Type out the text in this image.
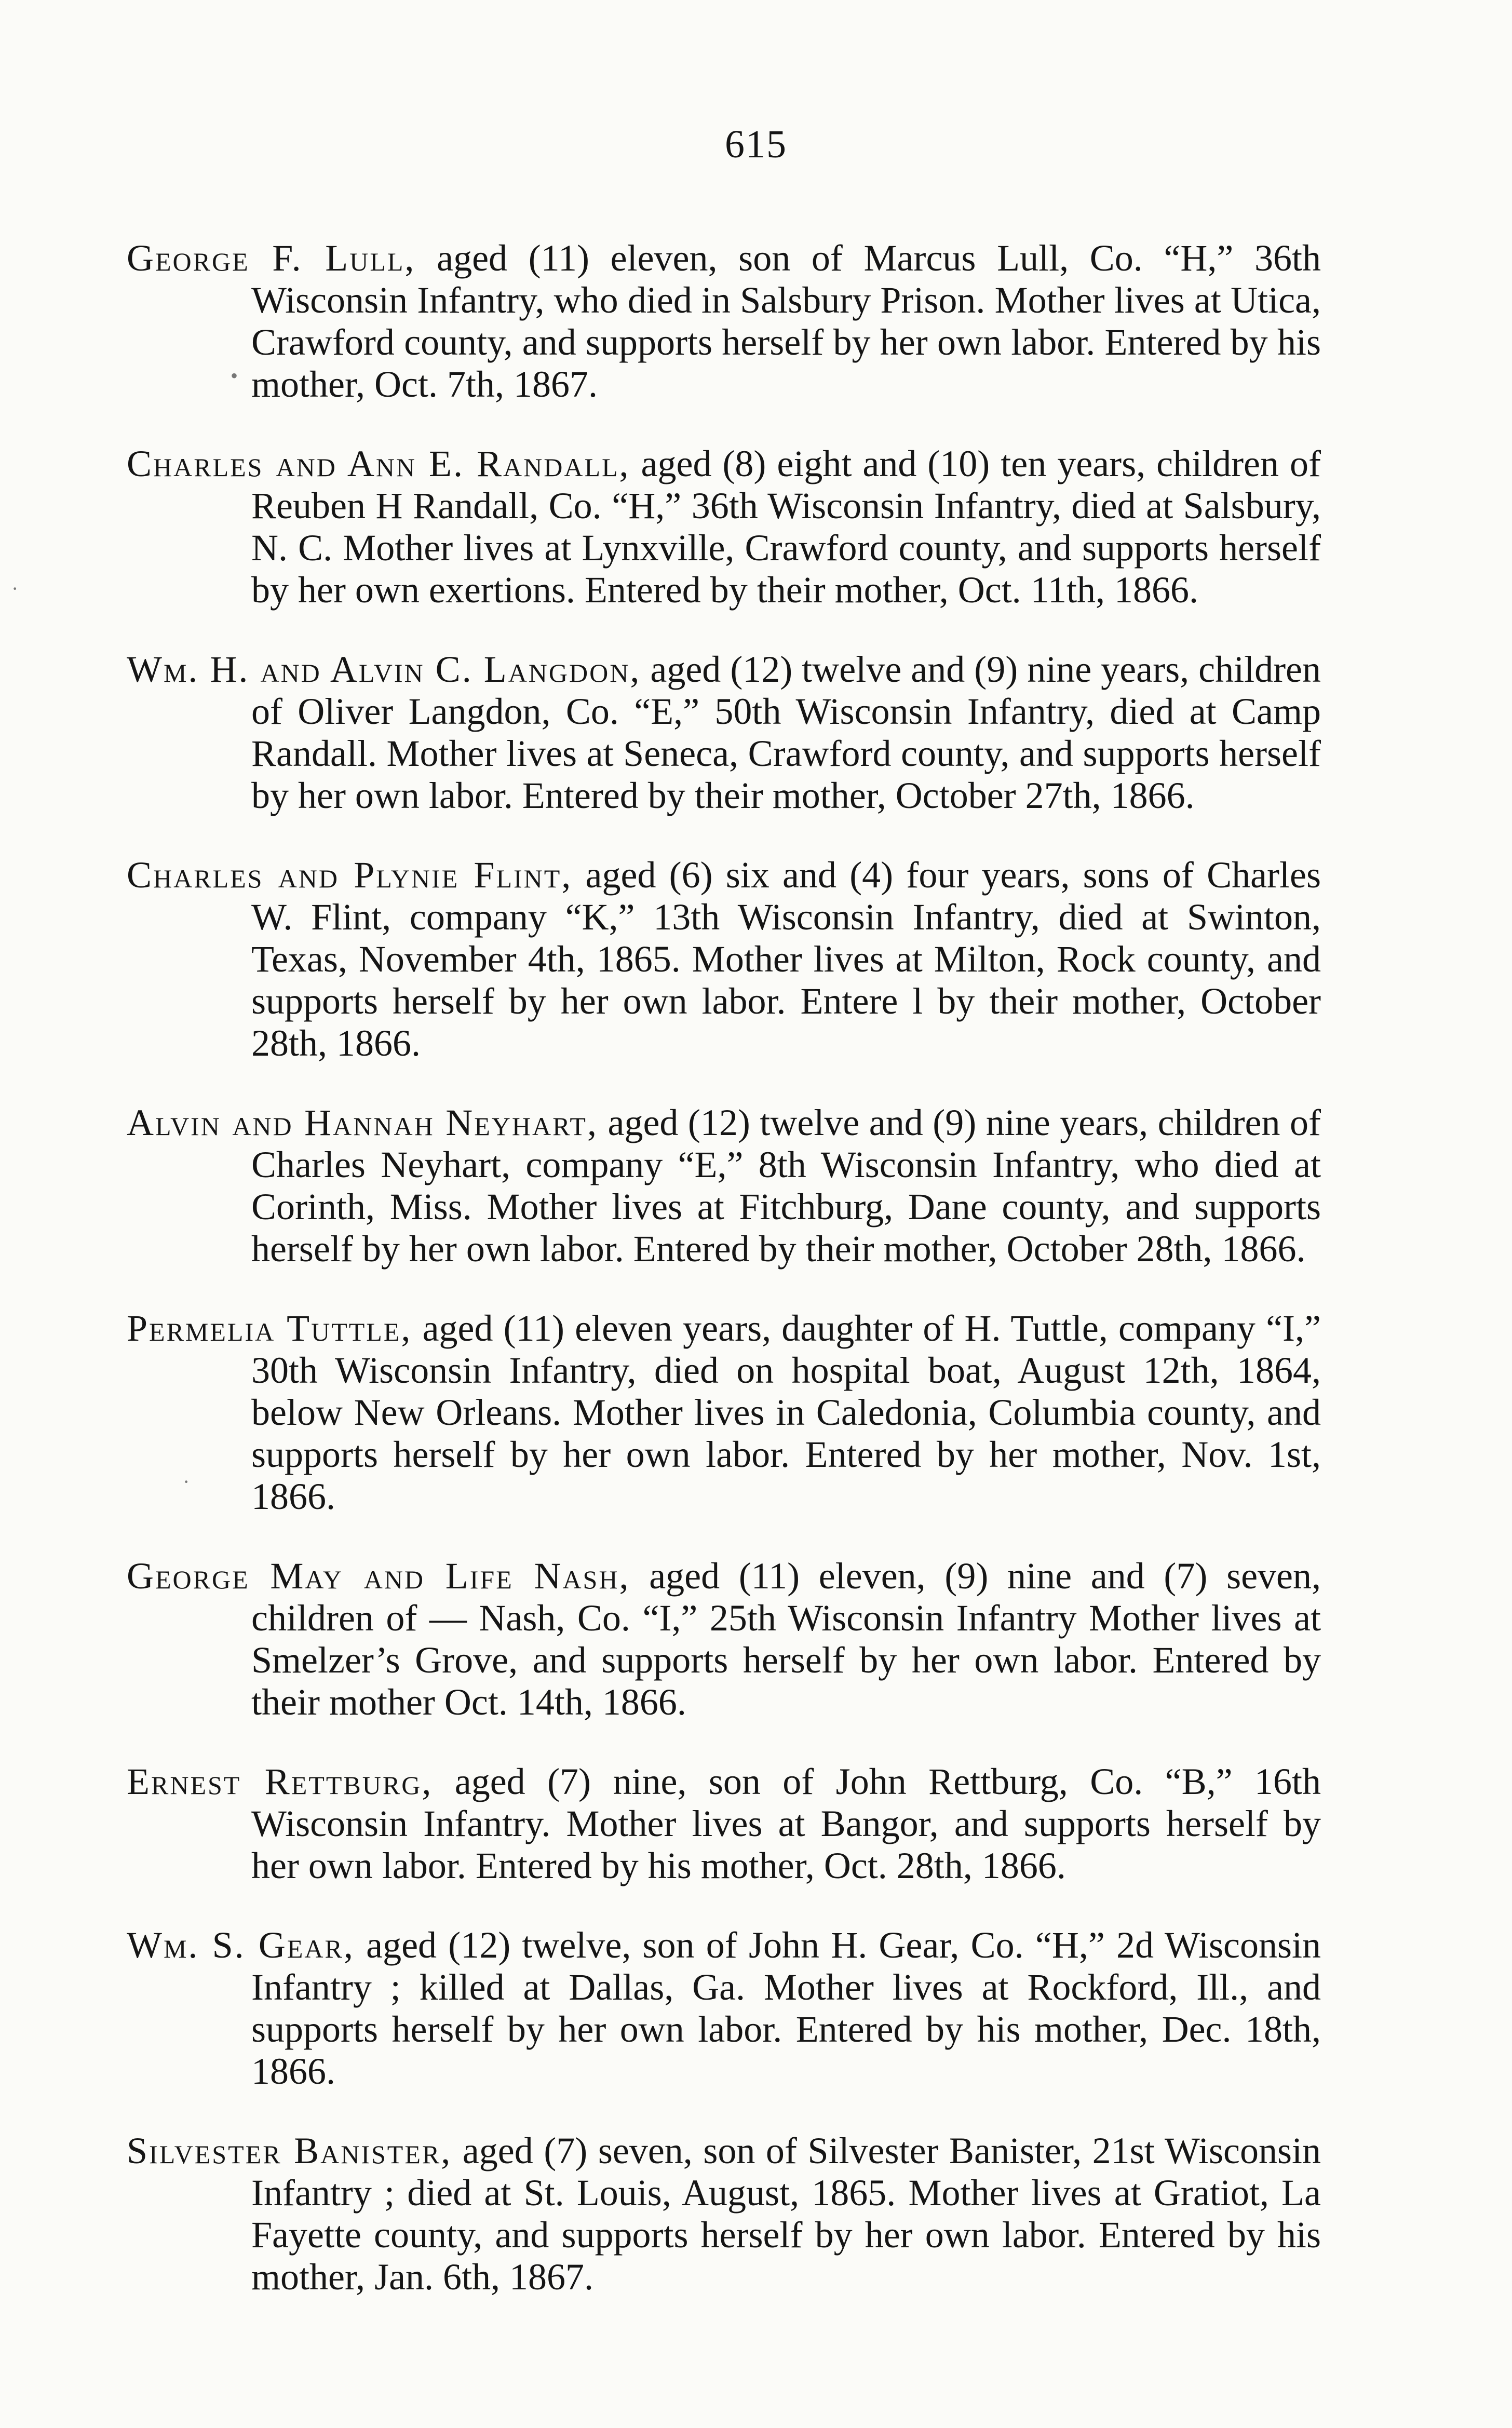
615

George F. Lull, aged (11) eleven, son of Marcus Lull, Co. “H,” 36th Wisconsin Infantry, who died in Salsbury Prison. Mother lives at Utica, Crawford county, and supports herself by her own labor. Entered by his mother, Oct. 7th, 1867.

Charles and Ann E. Randall, aged (8) eight and (10) ten years, children of Reuben H Randall, Co. “H,” 36th Wisconsin Infantry, died at Salsbury, N. C. Mother lives at Lynxville, Crawford county, and supports herself by her own exertions. Entered by their mother, Oct. 11th, 1866.

Wm. H. and Alvin C. Langdon, aged (12) twelve and (9) nine years, children of Oliver Langdon, Co. “E,” 50th Wisconsin Infantry, died at Camp Randall. Mother lives at Seneca, Crawford county, and supports herself by her own labor. Entered by their mother, October 27th, 1866.

Charles and Plynie Flint, aged (6) six and (4) four years, sons of Charles W. Flint, company “K,” 13th Wisconsin Infantry, died at Swinton, Texas, November 4th, 1865. Mother lives at Milton, Rock county, and supports herself by her own labor. Entere l by their mother, October 28th, 1866.

Alvin and Hannah Neyhart, aged (12) twelve and (9) nine years, children of Charles Neyhart, company “E,” 8th Wisconsin Infantry, who died at Corinth, Miss. Mother lives at Fitchburg, Dane county, and supports herself by her own labor. Entered by their mother, October 28th, 1866.

Permelia Tuttle, aged (11) eleven years, daughter of H. Tuttle, company “I,” 30th Wisconsin Infantry, died on hospital boat, August 12th, 1864, below New Orleans. Mother lives in Caledonia, Columbia county, and supports herself by her own labor. Entered by her mother, Nov. 1st, 1866.

George May and Life Nash, aged (11) eleven, (9) nine and (7) seven, children of — Nash, Co. “I,” 25th Wisconsin Infantry Mother lives at Smelzer’s Grove, and supports herself by her own labor. Entered by their mother Oct. 14th, 1866.

Ernest Rettburg, aged (7) nine, son of John Rettburg, Co. “B,” 16th Wisconsin Infantry. Mother lives at Bangor, and supports herself by her own labor. Entered by his mother, Oct. 28th, 1866.

Wm. S. Gear, aged (12) twelve, son of John H. Gear, Co. “H,” 2d Wisconsin Infantry ; killed at Dallas, Ga. Mother lives at Rockford, Ill., and supports herself by her own labor. Entered by his mother, Dec. 18th, 1866.

Silvester Banister, aged (7) seven, son of Silvester Banister, 21st Wisconsin Infantry ; died at St. Louis, August, 1865. Mother lives at Gratiot, La Fayette county, and supports herself by her own labor. Entered by his mother, Jan. 6th, 1867.

•
·
·
